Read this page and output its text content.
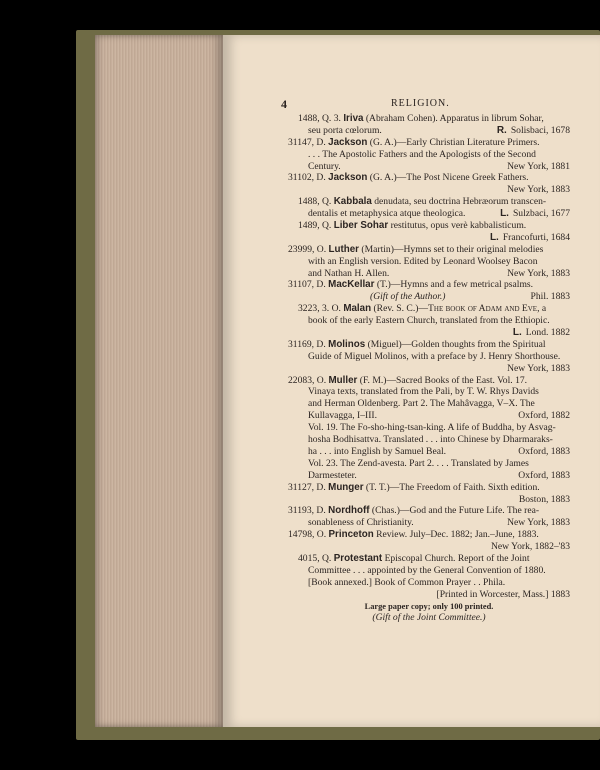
4	RELIGION.
1488, Q. 3. Iriva (Abraham Cohen). Apparatus in librum Sohar,
seu porta cœlorum.	R. Solisbaci, 1678
31147, D. Jackson (G. A.)—Early Christian Literature Primers.
. . . The Apostolic Fathers and the Apologists of the Second
Century.	New York, 1881
31102, D. Jackson (G. A.)—The Post Nicene Greek Fathers.
New York, 1883
1488, Q. Kabbala denudata, seu doctrina Hebræorum transcen-
dentalis et metaphysica atque theologica.	L. Sulzbaci, 1677
1489, Q. Liber Sohar restitutus, opus verè kabbalisticum.
L. Francofurti, 1684
23999, O. Luther (Martin)—Hymns set to their original melodies
with an English version. Edited by Leonard Woolsey Bacon
and Nathan H. Allen.	New York, 1883
31107, D. MacKellar (T.)—Hymns and a few metrical psalms.
(Gift of the Author.)	Phil. 1883
3223, 3. O. Malan (Rev. S. C.)—The book of Adam and Eve, a
book of the early Eastern Church, translated from the Ethiopic.
L. Lond. 1882
31169, D. Molinos (Miguel)—Golden thoughts from the Spiritual
Guide of Miguel Molinos, with a preface by J. Henry Shorthouse.
New York, 1883
22083, O. Muller (F. M.)—Sacred Books of the East. Vol. 17.
Vinaya texts, translated from the Pali, by T. W. Rhys Davids
and Herman Oldenberg. Part 2. The Mahâvagga, V–X. The
Kullavagga, I–III.	Oxford, 1882
Vol. 19. The Fo-sho-hing-tsan-king. A life of Buddha, by Asvag-
hosha Bodhisattva. Translated . . . into Chinese by Dharmaraks-
ha . . . into English by Samuel Beal.	Oxford, 1883
Vol. 23. The Zend-avesta. Part 2. . . . Translated by James
Darmesteter.	Oxford, 1883
31127, D. Munger (T. T.)—The Freedom of Faith. Sixth edition.
Boston, 1883
31193, D. Nordhoff (Chas.)—God and the Future Life. The rea-
sonableness of Christianity.	New York, 1883
14798, O. Princeton Review. July–Dec. 1882; Jan.–June, 1883.
New York, 1882–'83
4015, Q. Protestant Episcopal Church. Report of the Joint
Committee . . . appointed by the General Convention of 1880.
[Book annexed.] Book of Common Prayer . . Phila.
[Printed in Worcester, Mass.] 1883
Large paper copy; only 100 printed.
(Gift of the Joint Committee.)
